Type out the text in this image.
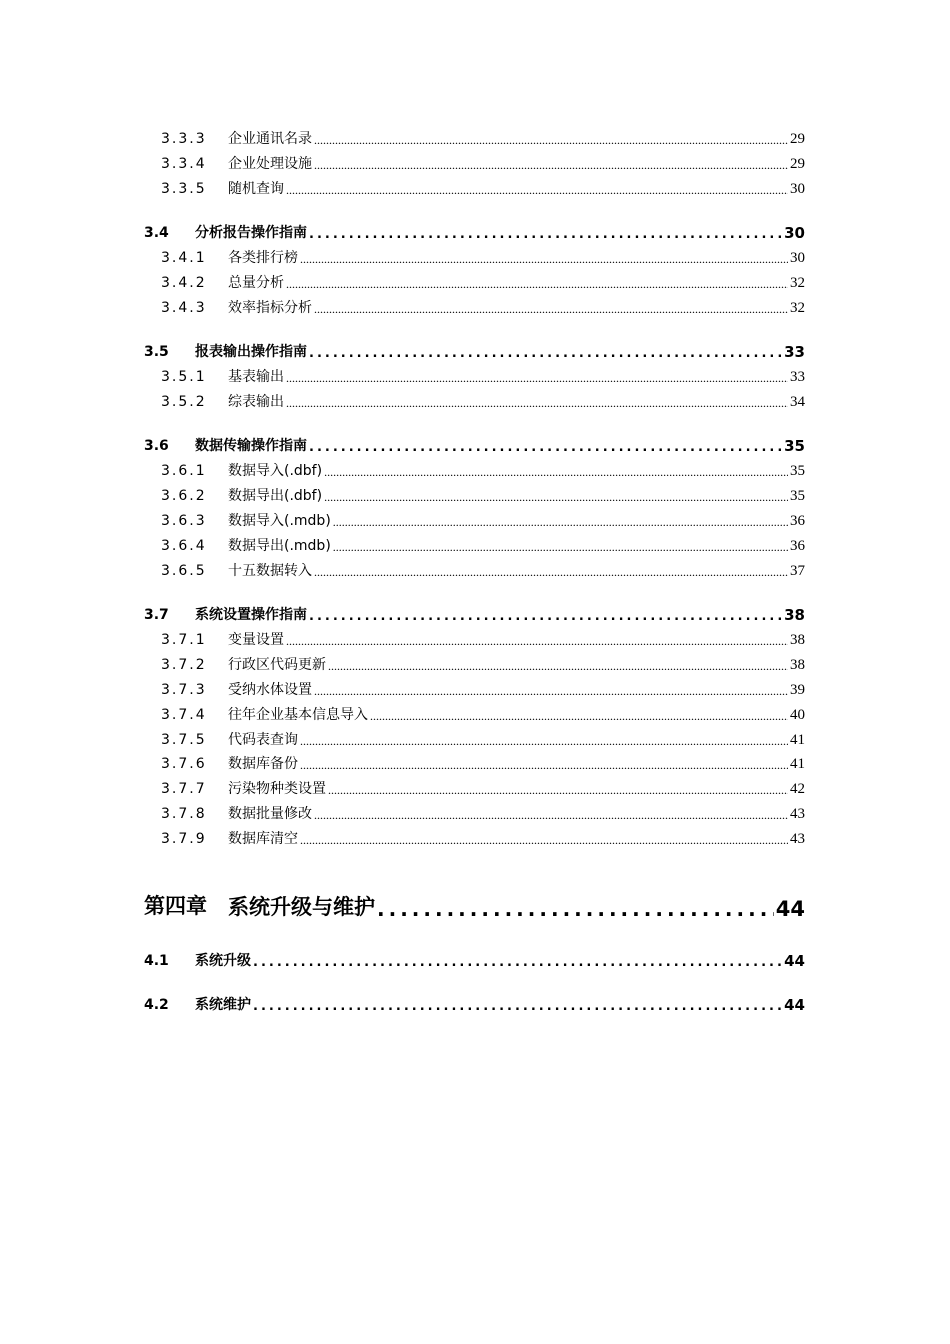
3.3.3	企业通讯名录 .....	29
3.3.4	企业处理设施 .....	29
3.3.5	随机查询 .....	30
3.4	分析报告操作指南 .....	30
3.4.1	各类排行榜 .....	30
3.4.2	总量分析 .....	32
3.4.3	效率指标分析 .....	32
3.5	报表输出操作指南 .....	33
3.5.1	基表输出 .....	33
3.5.2	综表输出 .....	34
3.6	数据传输操作指南 .....	35
3.6.1	数据导入(.dbf) .....	35
3.6.2	数据导出(.dbf) .....	35
3.6.3	数据导入(.mdb) .....	36
3.6.4	数据导出(.mdb) .....	36
3.6.5	十五数据转入 .....	37
3.7	系统设置操作指南 .....	38
3.7.1	变量设置 .....	38
3.7.2	行政区代码更新 .....	38
3.7.3	受纳水体设置 .....	39
3.7.4	往年企业基本信息导入 .....	40
3.7.5	代码表查询 .....	41
3.7.6	数据库备份 .....	41
3.7.7	污染物种类设置 .....	42
3.7.8	数据批量修改 .....	43
3.7.9	数据库清空 .....	43
第四章 系统升级与维护 .....	44
4.1	系统升级 .....	44
4.2	系统维护 .....	44
